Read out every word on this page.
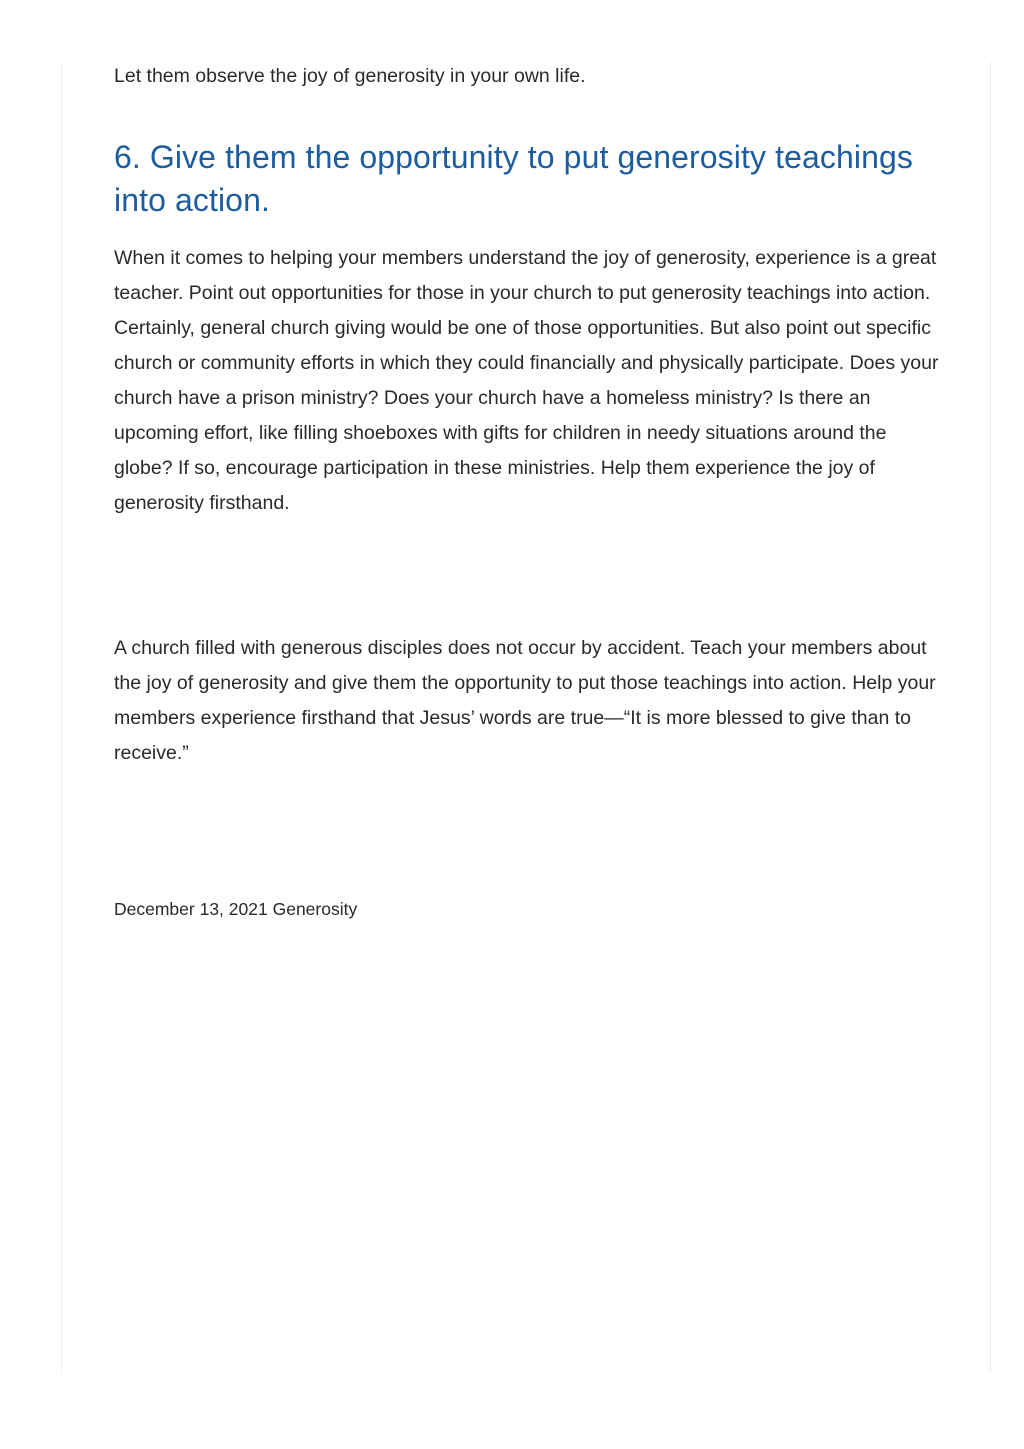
Let them observe the joy of generosity in your own life.

6. Give them the opportunity to put generosity teachings into action.

When it comes to helping your members understand the joy of generosity, experience is a great teacher. Point out opportunities for those in your church to put generosity teachings into action. Certainly, general church giving would be one of those opportunities. But also point out specific church or community efforts in which they could financially and physically participate. Does your church have a prison ministry? Does your church have a homeless ministry? Is there an upcoming effort, like filling shoeboxes with gifts for children in needy situations around the globe? If so, encourage participation in these ministries. Help them experience the joy of generosity firsthand.

A church filled with generous disciples does not occur by accident. Teach your members about the joy of generosity and give them the opportunity to put those teachings into action. Help your members experience firsthand that Jesus’ words are true—“It is more blessed to give than to receive.”

December 13, 2021 Generosity
